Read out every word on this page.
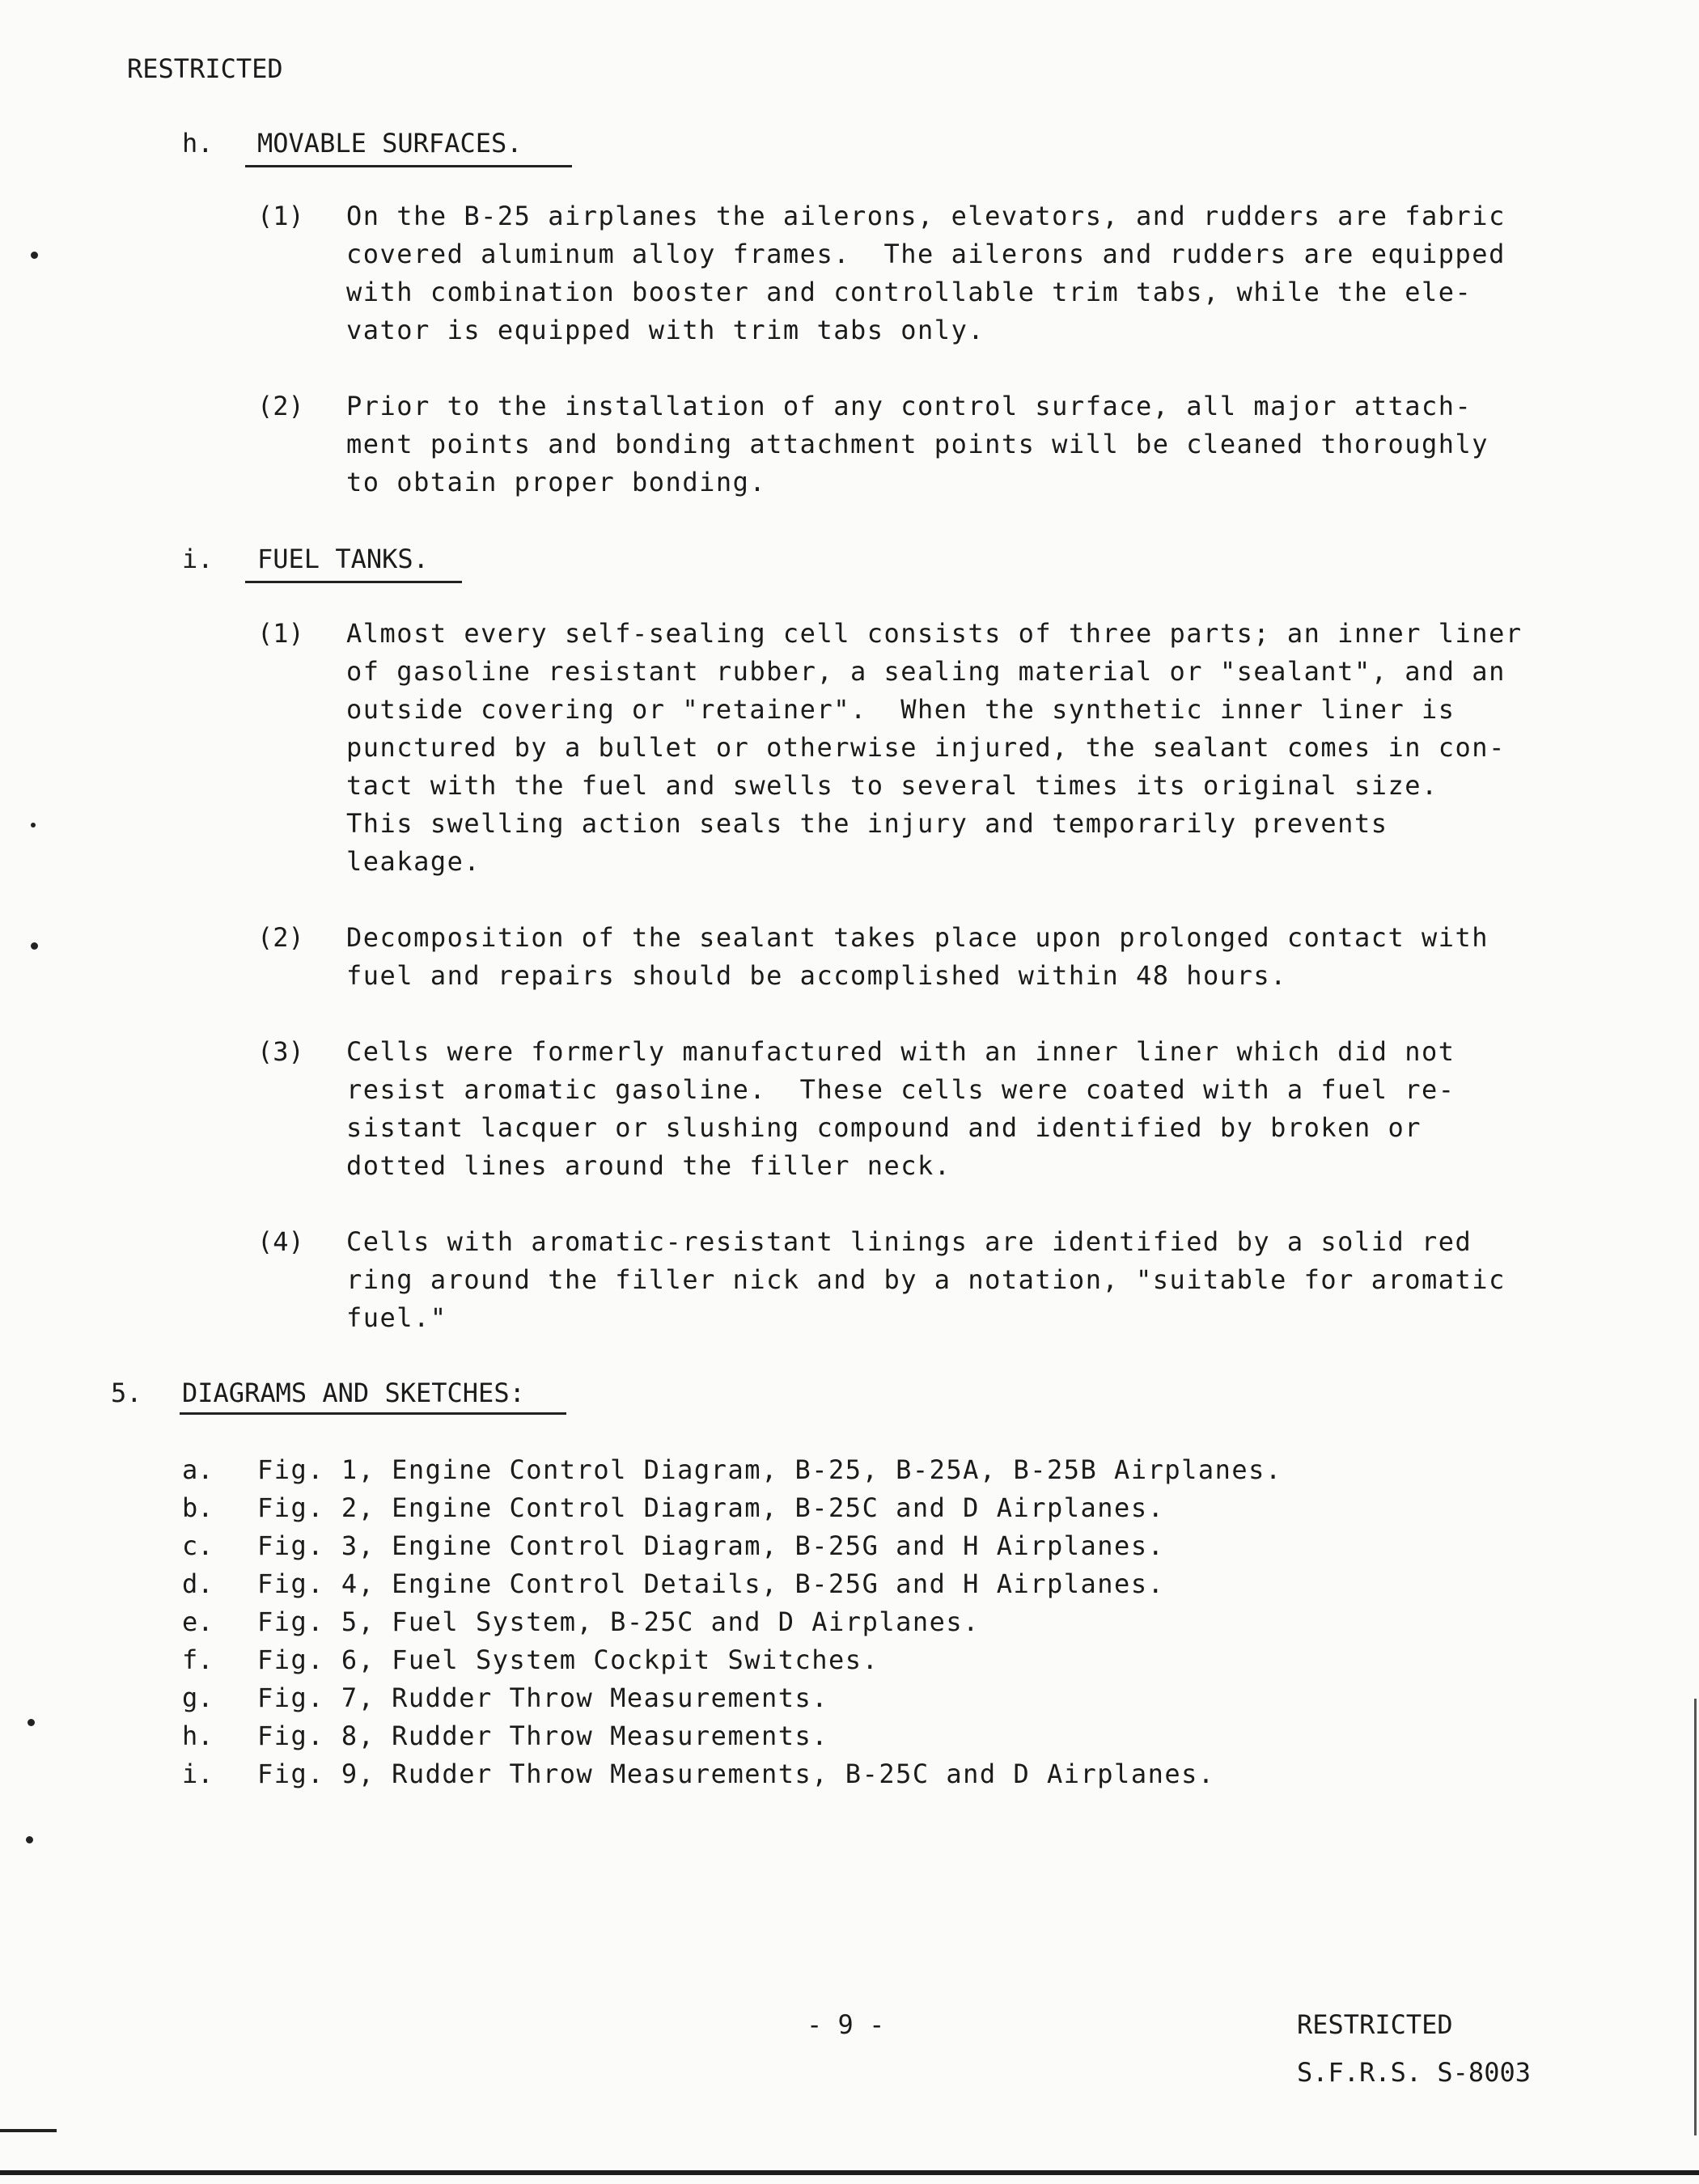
RESTRICTED
h. MOVABLE SURFACES.
(1) On the B-25 airplanes the ailerons, elevators, and rudders are fabric
covered aluminum alloy frames.  The ailerons and rudders are equipped
with combination booster and controllable trim tabs, while the ele-
vator is equipped with trim tabs only.
(2) Prior to the installation of any control surface, all major attach-
ment points and bonding attachment points will be cleaned thoroughly
to obtain proper bonding.
i. FUEL TANKS.
(1) Almost every self-sealing cell consists of three parts; an inner liner
of gasoline resistant rubber, a sealing material or "sealant", and an
outside covering or "retainer".  When the synthetic inner liner is
punctured by a bullet or otherwise injured, the sealant comes in con-
tact with the fuel and swells to several times its original size.
This swelling action seals the injury and temporarily prevents
leakage.
(2) Decomposition of the sealant takes place upon prolonged contact with
fuel and repairs should be accomplished within 48 hours.
(3) Cells were formerly manufactured with an inner liner which did not
resist aromatic gasoline.  These cells were coated with a fuel re-
sistant lacquer or slushing compound and identified by broken or
dotted lines around the filler neck.
(4) Cells with aromatic-resistant linings are identified by a solid red
ring around the filler nick and by a notation, "suitable for aromatic
fuel."
5. DIAGRAMS AND SKETCHES:
a. Fig. 1, Engine Control Diagram, B-25, B-25A, B-25B Airplanes.
b. Fig. 2, Engine Control Diagram, B-25C and D Airplanes.
c. Fig. 3, Engine Control Diagram, B-25G and H Airplanes.
d. Fig. 4, Engine Control Details, B-25G and H Airplanes.
e. Fig. 5, Fuel System, B-25C and D Airplanes.
f. Fig. 6, Fuel System Cockpit Switches.
g. Fig. 7, Rudder Throw Measurements.
h. Fig. 8, Rudder Throw Measurements.
i. Fig. 9, Rudder Throw Measurements, B-25C and D Airplanes.
- 9 -	RESTRICTED
S.F.R.S. S-8003
